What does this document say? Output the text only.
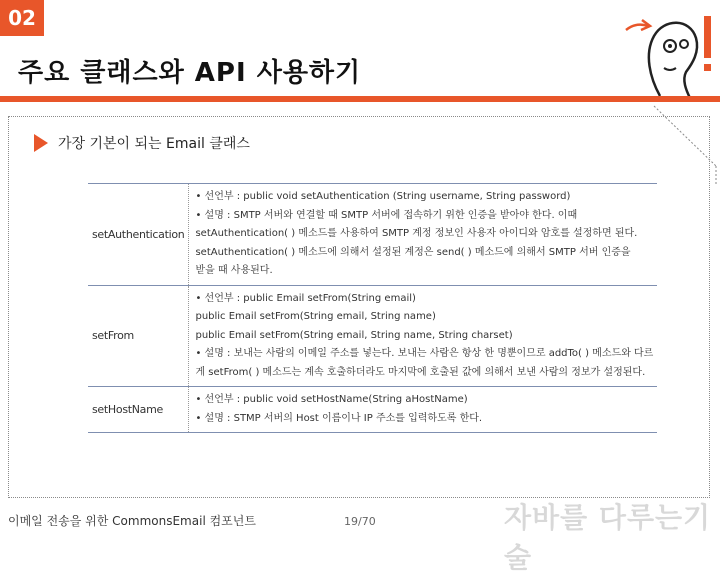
02
주요 클래스와 API 사용하기
가장 기본이 되는 Email 클래스
setAuthentication	• 선언부 : public void setAuthentication (String username, String password)
• 설명 : SMTP 서버와 연결할 때 SMTP 서버에 접속하기 위한 인증을 받아야 한다. 이때
setAuthentication( ) 메소드를 사용하여 SMTP 계정 정보인 사용자 아이디와 암호를 설정하면 된다.
setAuthentication( ) 메소드에 의해서 설정된 계정은 send( ) 메소드에 의해서 SMTP 서버 인증을
받을 때 사용된다.

setFrom	• 선언부 : public Email setFrom(String email)
public Email setFrom(String email, String name)
public Email setFrom(String email, String name, String charset)
• 설명 : 보내는 사람의 이메일 주소를 넣는다. 보내는 사람은 항상 한 명뿐이므로 addTo( ) 메소드와 다르
게 setFrom( ) 메소드는 계속 호출하더라도 마지막에 호출된 값에 의해서 보낸 사람의 정보가 설정된다.

setHostName	• 선언부 : public void setHostName(String aHostName)
• 설명 : STMP 서버의 Host 이름이나 IP 주소를 입력하도록 한다.
이메일 전송을 위한 CommonsEmail 컴포넌트	19/70	자바를 다루는기술
